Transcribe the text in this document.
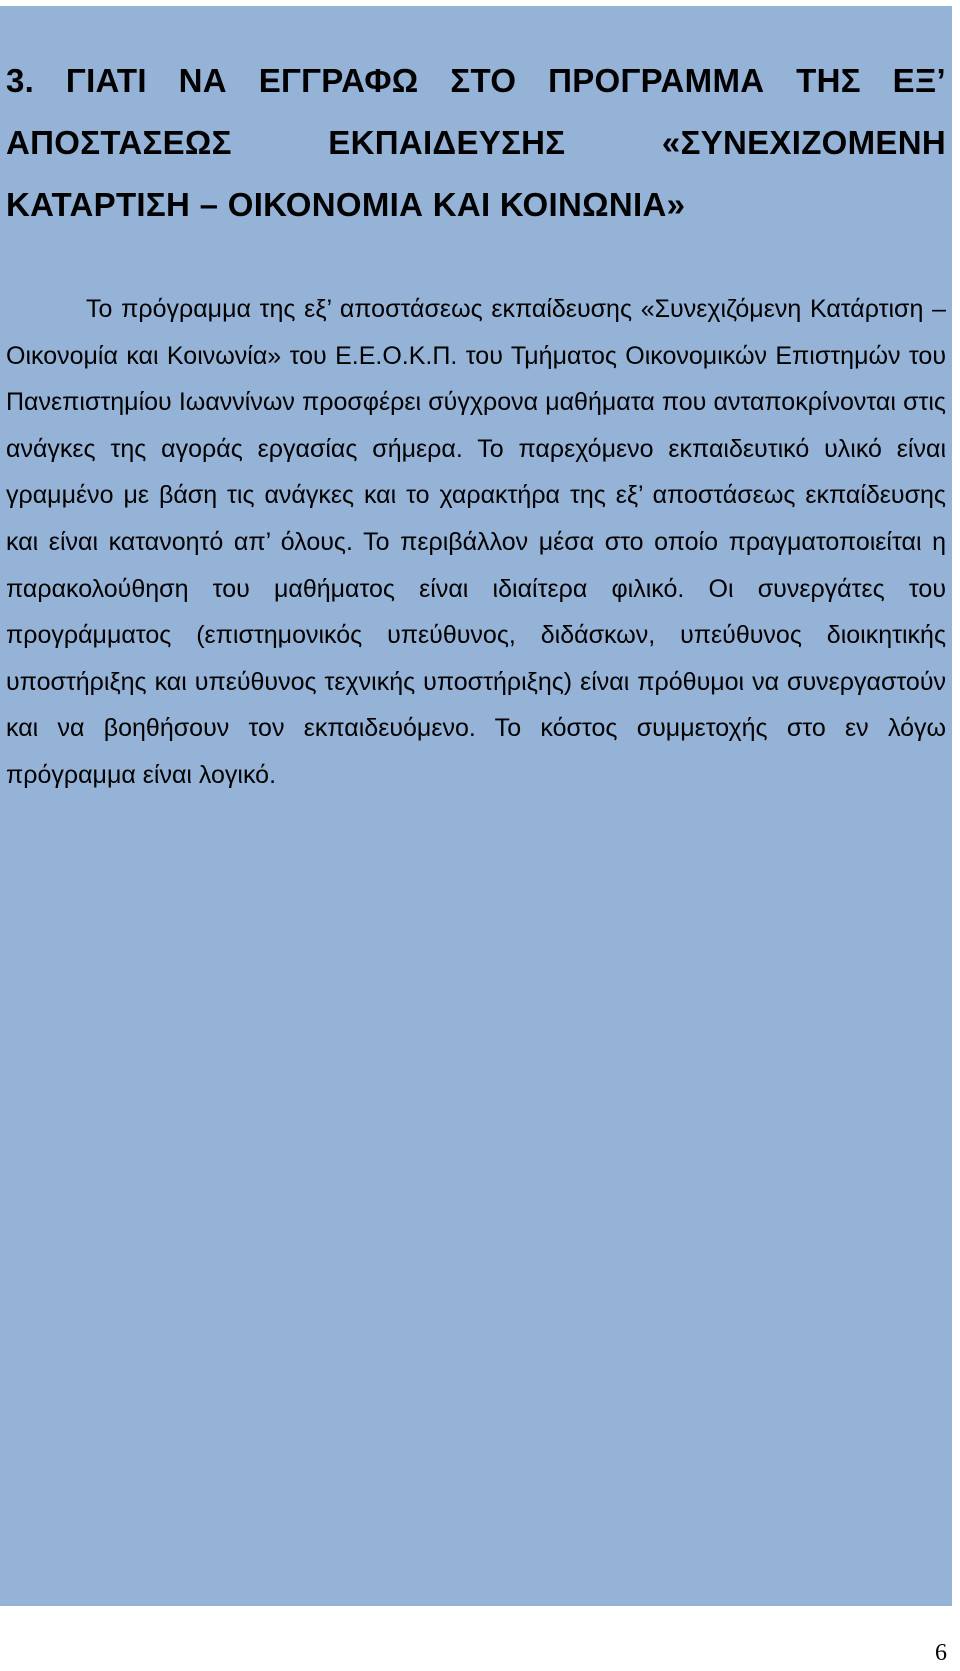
3. ΓΙΑΤΙ ΝΑ ΕΓΓΡΑΦΩ ΣΤΟ ΠΡΟΓΡΑΜΜΑ ΤΗΣ ΕΞ’ ΑΠΟΣΤΑΣΕΩΣ ΕΚΠΑΙΔΕΥΣΗΣ «ΣΥΝΕΧΙΖΟΜΕΝΗ ΚΑΤΑΡΤΙΣΗ – ΟΙΚΟΝΟΜΙΑ ΚΑΙ ΚΟΙΝΩΝΙΑ»

Το πρόγραμμα της εξ’ αποστάσεως εκπαίδευσης «Συνεχιζόμενη Κατάρτιση – Οικονομία και Κοινωνία» του Ε.Ε.Ο.Κ.Π. του Τμήματος Οικονομικών Επιστημών του Πανεπιστημίου Ιωαννίνων προσφέρει σύγχρονα μαθήματα που ανταποκρίνονται στις ανάγκες της αγοράς εργασίας σήμερα. Το παρεχόμενο εκπαιδευτικό υλικό είναι γραμμένο με βάση τις ανάγκες και το χαρακτήρα της εξ’ αποστάσεως εκπαίδευσης και είναι κατανοητό απ’ όλους. Το περιβάλλον μέσα στο οποίο πραγματοποιείται η παρακολούθηση του μαθήματος είναι ιδιαίτερα φιλικό. Οι συνεργάτες του προγράμματος (επιστημονικός υπεύθυνος, διδάσκων, υπεύθυνος διοικητικής υποστήριξης και υπεύθυνος τεχνικής υποστήριξης) είναι πρόθυμοι να συνεργαστούν και να βοηθήσουν τον εκπαιδευόμενο. Το κόστος συμμετοχής στο εν λόγω πρόγραμμα είναι λογικό.

6
